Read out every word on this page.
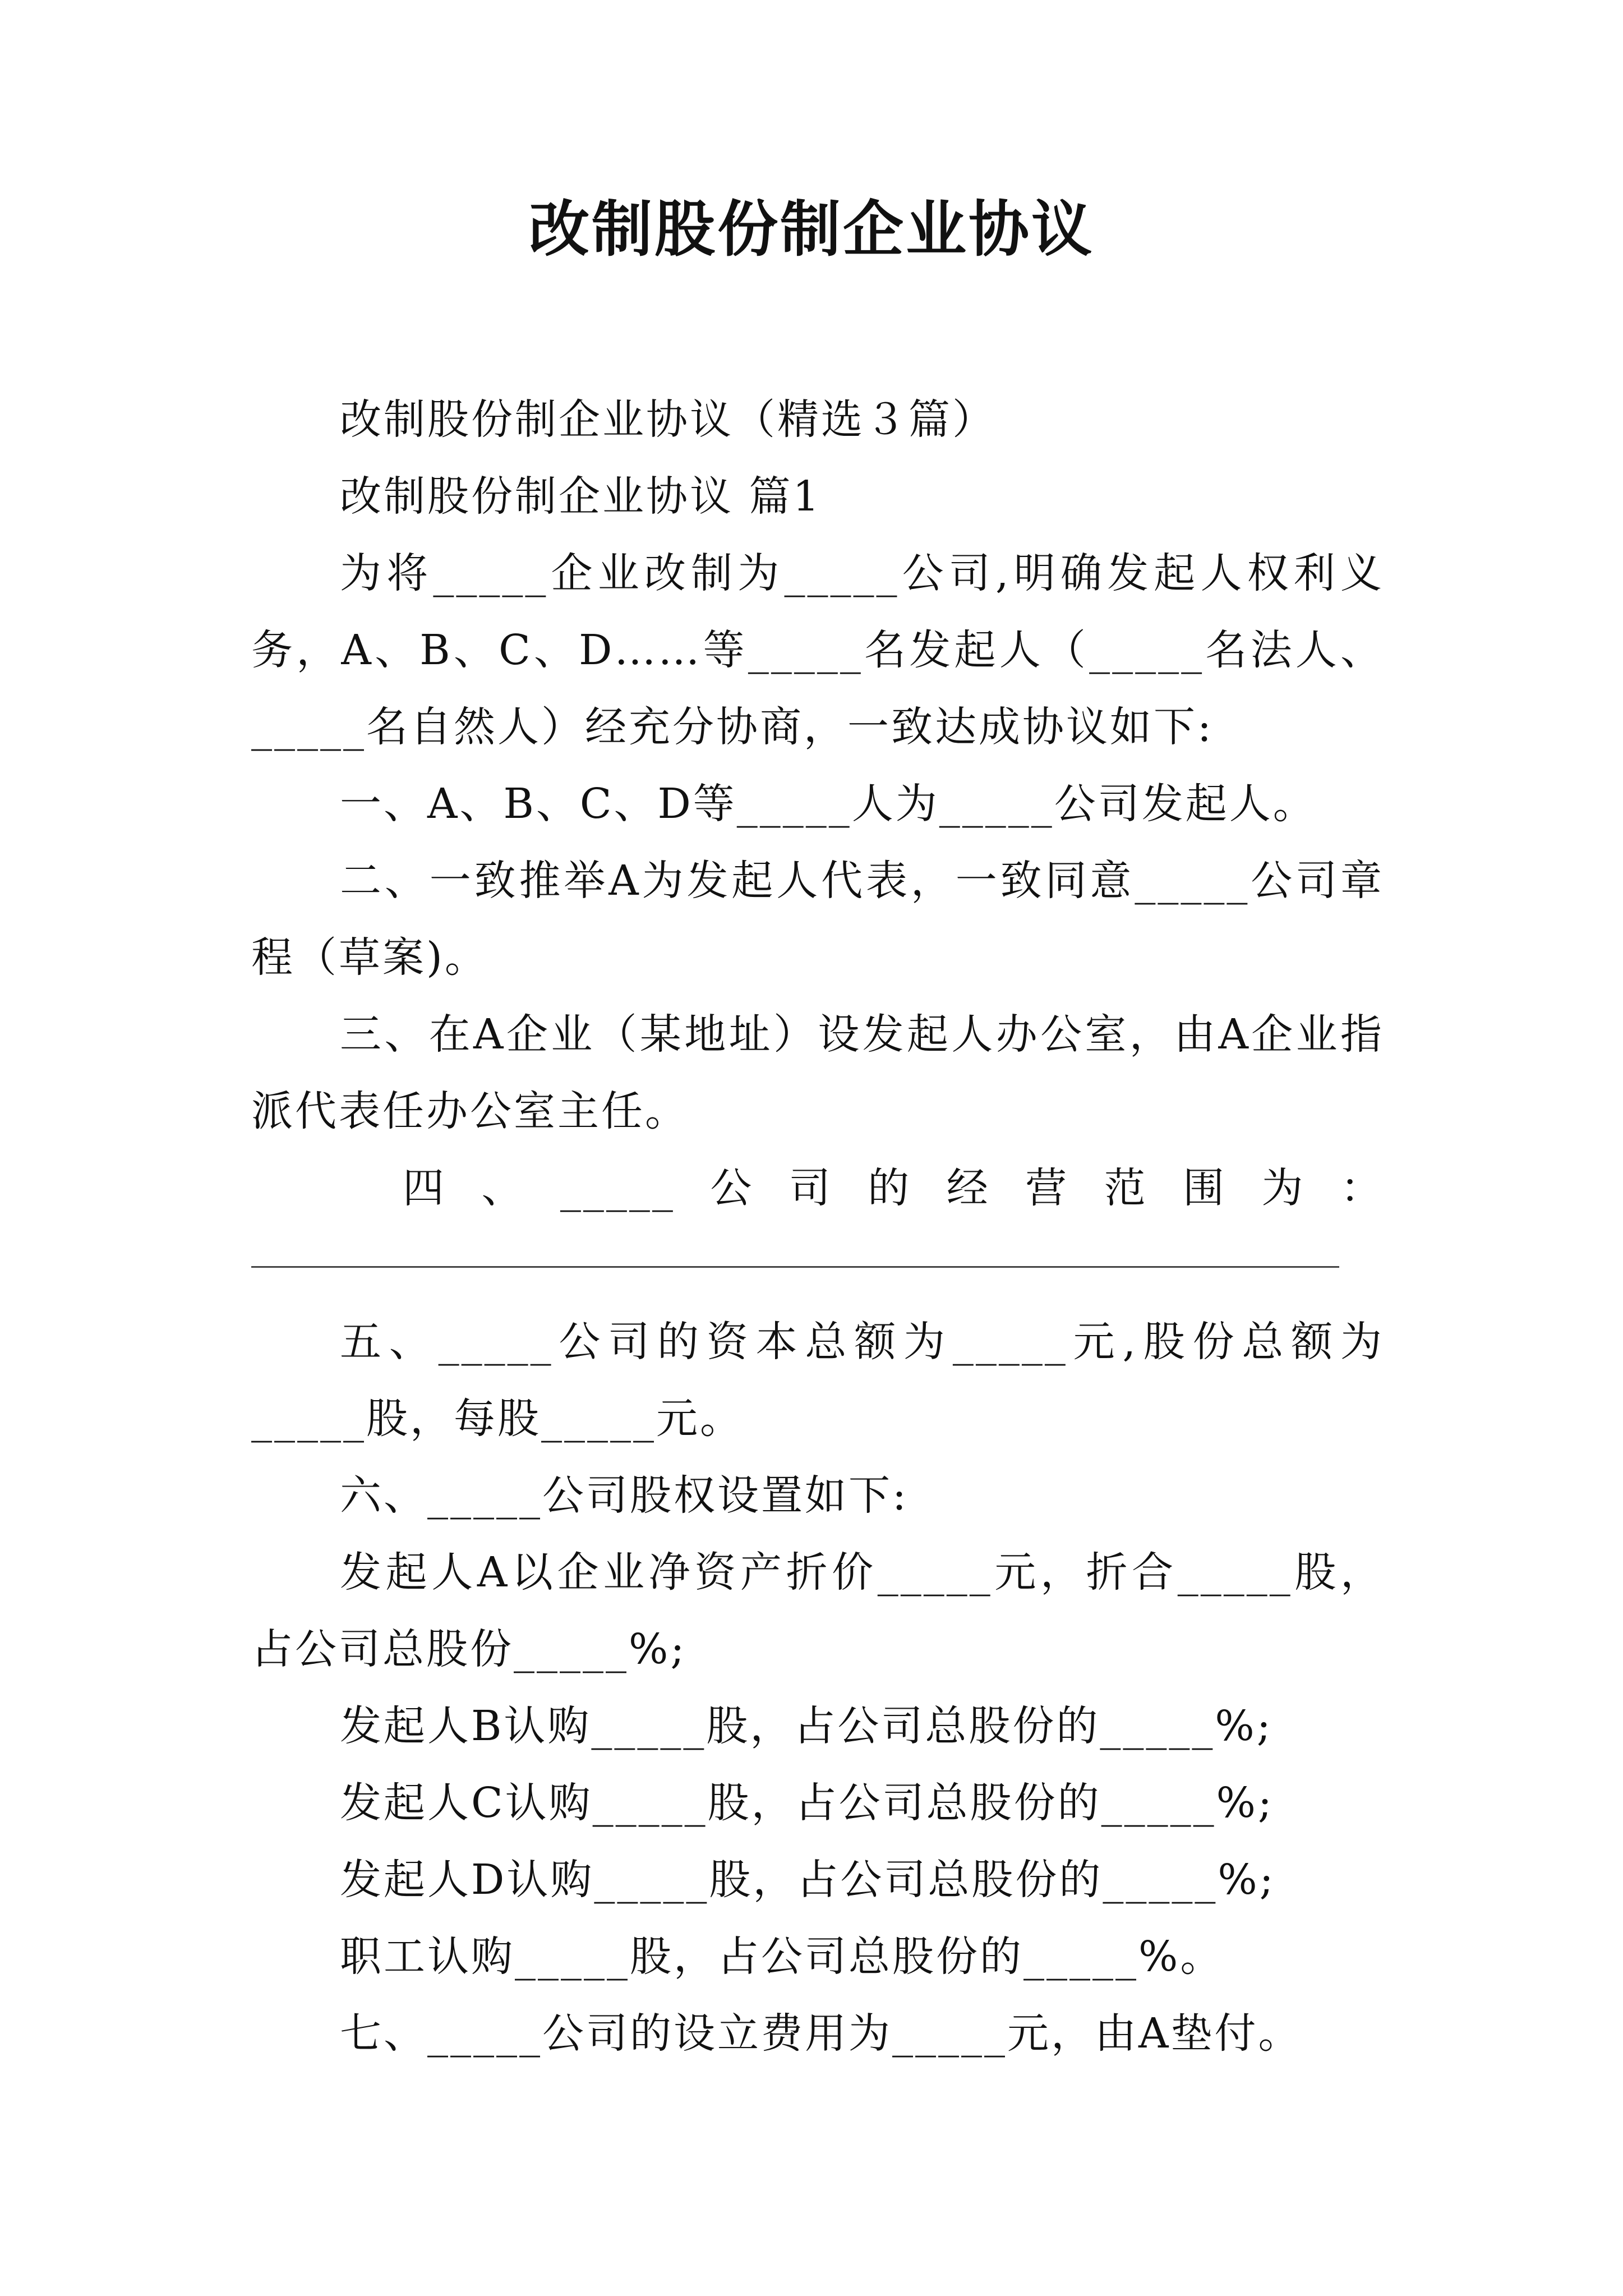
改制股份制企业协议

改制股份制企业协议（精选３篇）

改制股份制企业协议 篇1

为将_____企业改制为_____公司,明确发起人权利义务，A、B、C、D……等_____名发起人（_____名法人、_____名自然人）经充分协商，一致达成协议如下:

一、A、B、C、D等_____人为_____公司发起人。

二、一致推举A为发起人代表，一致同意_____公司章程（草案)。

三、在A企业（某地址）设发起人办公室，由A企业指派代表任办公室主任。

四 、 _____ 公 司 的 经 营 范 围 为 ：

五、_____公司的资本总额为_____元,股份总额为_____股，每股_____元。

六、_____公司股权设置如下:

发起人A以企业净资产折价_____元，折合_____股，占公司总股份_____%;

发起人B认购_____股，占公司总股份的_____%;

发起人C认购_____股，占公司总股份的_____%;

发起人D认购_____股，占公司总股份的_____%;

职工认购_____股，占公司总股份的_____%。

七、_____公司的设立费用为_____元，由A垫付。
